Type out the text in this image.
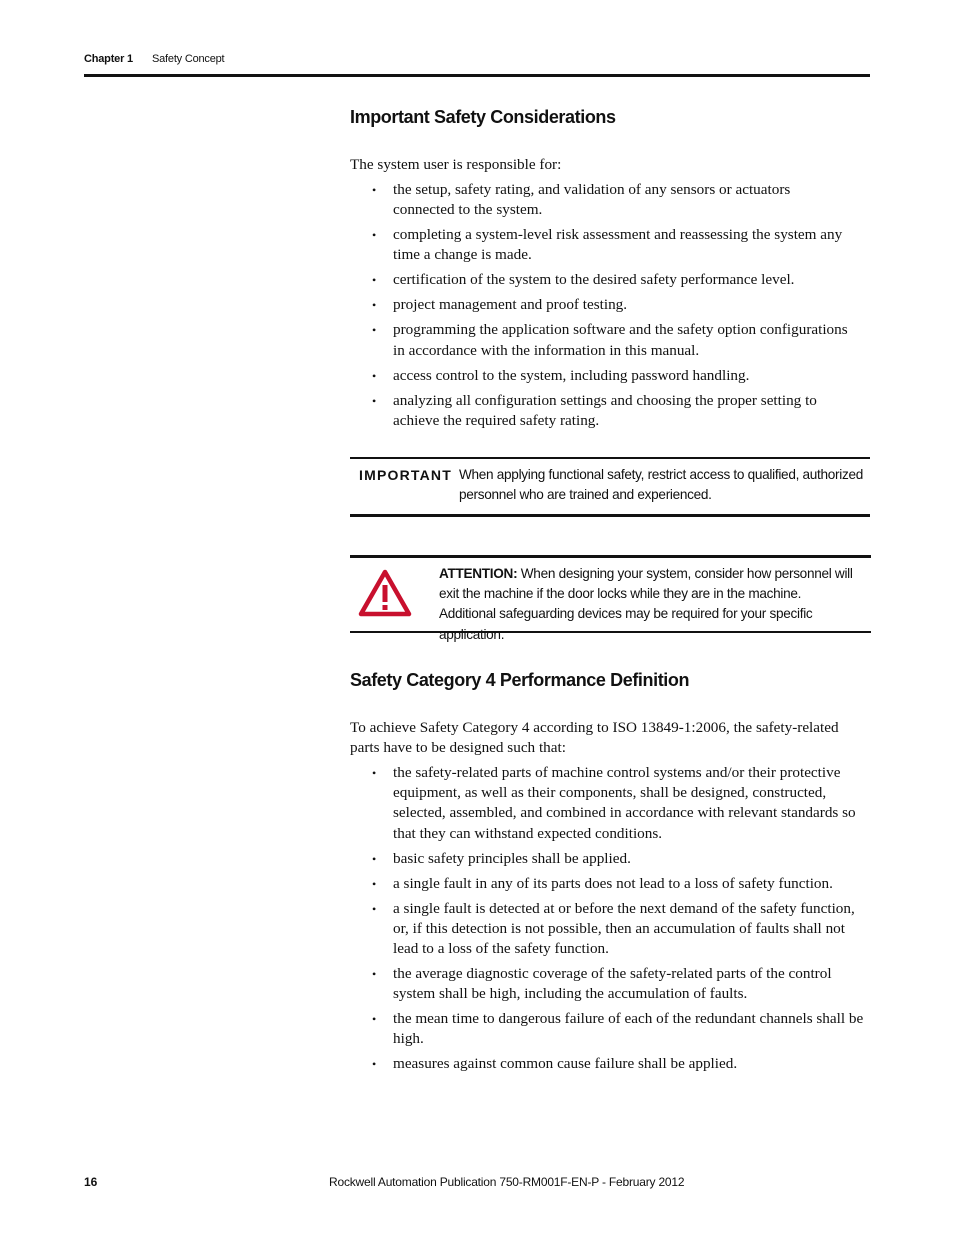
Chapter 1 Safety Concept
Important Safety Considerations

The system user is responsible for:

• the setup, safety rating, and validation of any sensors or actuators connected to the system.
• completing a system-level risk assessment and reassessing the system any time a change is made.
• certification of the system to the desired safety performance level.
• project management and proof testing.
• programming the application software and the safety option configurations in accordance with the information in this manual.
• access control to the system, including password handling.
• analyzing all configuration settings and choosing the proper setting to achieve the required safety rating.
IMPORTANT When applying functional safety, restrict access to qualified, authorized personnel who are trained and experienced.
ATTENTION: When designing your system, consider how personnel will exit the machine if the door locks while they are in the machine. Additional safeguarding devices may be required for your specific application.
Safety Category 4 Performance Definition

To achieve Safety Category 4 according to ISO 13849-1:2006, the safety-related parts have to be designed such that:

• the safety-related parts of machine control systems and/or their protective equipment, as well as their components, shall be designed, constructed, selected, assembled, and combined in accordance with relevant standards so that they can withstand expected conditions.
• basic safety principles shall be applied.
• a single fault in any of its parts does not lead to a loss of safety function.
• a single fault is detected at or before the next demand of the safety function, or, if this detection is not possible, then an accumulation of faults shall not lead to a loss of the safety function.
• the average diagnostic coverage of the safety-related parts of the control system shall be high, including the accumulation of faults.
• the mean time to dangerous failure of each of the redundant channels shall be high.
• measures against common cause failure shall be applied.
16	Rockwell Automation Publication 750-RM001F-EN-P - February 2012
